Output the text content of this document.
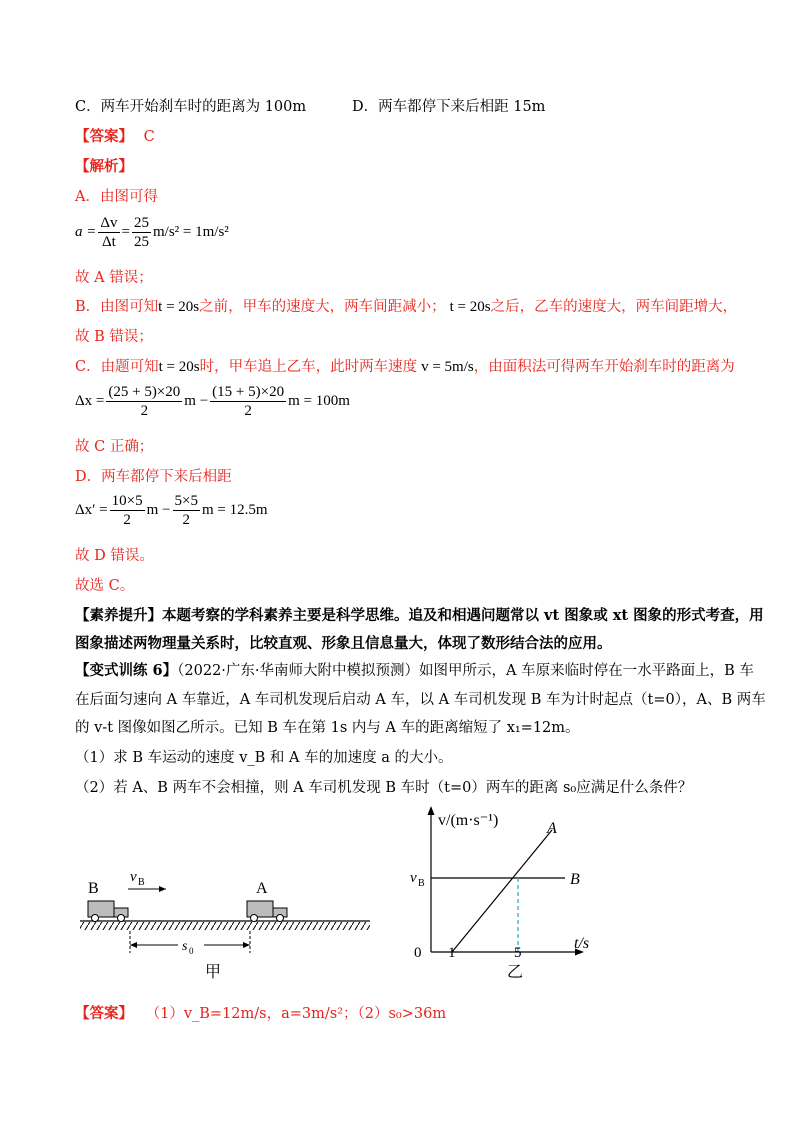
C．两车开始刹车时的距离为 100m	D．两车都停下来后相距 15m
【答案】 C
【解析】
A．由图可得
$a = \frac{\Delta v}{\Delta t} = \frac{25}{25} m/s^2 = 1m/s^2$
故 A 错误；
B．由图可知t = 20s之前，甲车的速度大，两车间距减小； t = 20s之后，乙车的速度大，两车间距增大，
故 B 错误；
C．由题可知t = 20s时，甲车追上乙车，此时两车速度 v = 5m/s，由面积法可得两车开始刹车时的距离为
$\Delta x = \frac{(25 + 5)\times 20}{2}$ $m - \frac{(15 + 5)\times 20}{2}$ m = 100m
故 C 正确；
D．两车都停下来后相距
$\Delta x' = \frac{10\times 5}{2}$ $m - \frac{5\times 5}{2}$ m = 12.5m
故 D 错误。
故选 C。
【素养提升】本题考察的学科素养主要是科学思维。追及和相遇问题常以 vt 图象或 xt 图象的形式考查，用
图象描述两物理量关系时，比较直观、形象且信息量大，体现了数形结合法的应用。
【变式训练 6】（2022·广东·华南师大附中模拟预测）如图甲所示，A 车原来临时停在一水平路面上，B 车
在后面匀速向 A 车靠近，A 车司机发现后启动 A 车，以 A 车司机发现 B 车为计时起点（t=0），A、B 两车
的 v-t 图像如图乙所示。已知 B 车在第 1s 内与 A 车的距离缩短了 x₁=12m。
（1）求 B 车运动的速度 v_B 和 A 车的加速度 a 的大小。
（2）若 A、B 两车不会相撞，则 A 车司机发现 B 车时（t=0）两车的距离 s₀应满足什么条件？
B	A
v B
s 0
甲
v/(m·s⁻¹)
t/s
v B	B
A
0 1	5
乙
【答案】 （1）v_B=12m/s，a=3m/s²；（2）s₀>36m
